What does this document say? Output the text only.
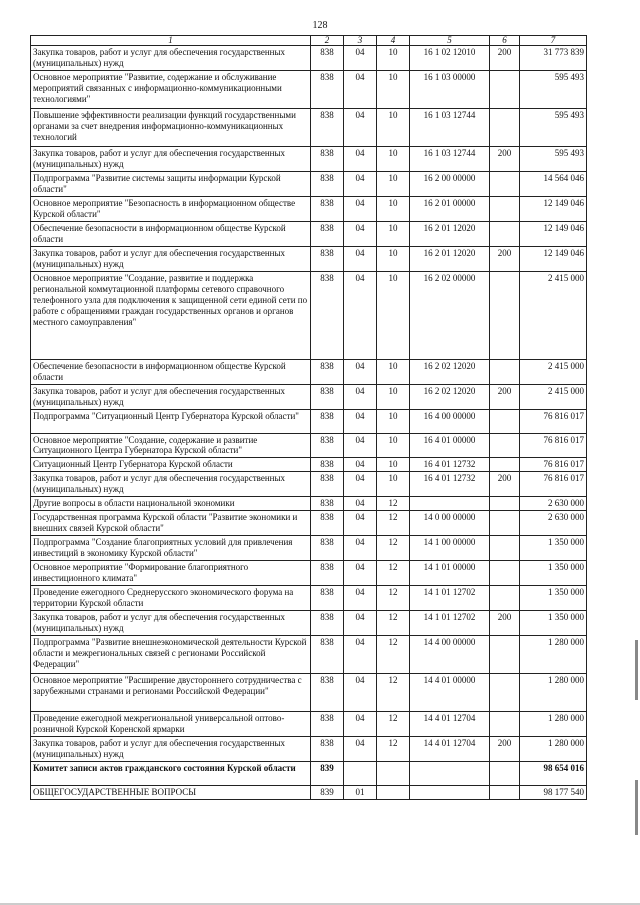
128
1	2	3	4	5	6	7
Закупка товаров, работ и услуг для обеспечения государственных (муниципальных) нужд	838	04	10	16 1 02 12010	200	31 773 839
Основное мероприятие "Развитие, содержание и обслуживание мероприятий связанных с информационно-коммуникационными технологиями"	838	04	10	16 1 03 00000		595 493
Повышение эффективности реализации функций государственными органами за счет внедрения информационно-коммуникационных технологий	838	04	10	16 1 03 12744		595 493
Закупка товаров, работ и услуг для обеспечения государственных (муниципальных) нужд	838	04	10	16 1 03 12744	200	595 493
Подпрограмма "Развитие системы защиты информации Курской области"	838	04	10	16 2 00 00000		14 564 046
Основное мероприятие "Безопасность в информационном обществе Курской области"	838	04	10	16 2 01 00000		12 149 046
Обеспечение безопасности в информационном обществе Курской области	838	04	10	16 2 01 12020		12 149 046
Закупка товаров, работ и услуг для обеспечения государственных (муниципальных) нужд	838	04	10	16 2 01 12020	200	12 149 046
Основное мероприятие "Создание, развитие и поддержка региональной коммутационной платформы сетевого справочного телефонного узла для подключения к защищенной сети единой сети по работе с обращениями граждан государственных органов и органов местного самоуправления"	838	04	10	16 2 02 00000		2 415 000
Обеспечение безопасности в информационном обществе Курской области	838	04	10	16 2 02 12020		2 415 000
Закупка товаров, работ и услуг для обеспечения государственных (муниципальных) нужд	838	04	10	16 2 02 12020	200	2 415 000
Подпрограмма "Ситуационный Центр Губернатора Курской области"	838	04	10	16 4 00 00000		76 816 017
Основное мероприятие "Создание, содержание и развитие Ситуационного Центра Губернатора Курской области"	838	04	10	16 4 01 00000		76 816 017
Ситуационный Центр Губернатора Курской области	838	04	10	16 4 01 12732		76 816 017
Закупка товаров, работ и услуг для обеспечения государственных (муниципальных) нужд	838	04	10	16 4 01 12732	200	76 816 017
Другие вопросы в области национальной экономики	838	04	12			2 630 000
Государственная программа Курской области "Развитие экономики и внешних связей Курской области"	838	04	12	14 0 00 00000		2 630 000
Подпрограмма "Создание благоприятных условий для привлечения инвестиций в экономику Курской области"	838	04	12	14 1 00 00000		1 350 000
Основное мероприятие "Формирование благоприятного инвестиционного климата"	838	04	12	14 1 01 00000		1 350 000
Проведение ежегодного Среднерусского экономического форума на территории Курской области	838	04	12	14 1 01 12702		1 350 000
Закупка товаров, работ и услуг для обеспечения государственных (муниципальных) нужд	838	04	12	14 1 01 12702	200	1 350 000
Подпрограмма "Развитие внешнеэкономической деятельности Курской области и межрегиональных связей с регионами Российской Федерации"	838	04	12	14 4 00 00000		1 280 000
Основное мероприятие "Расширение двустороннего сотрудничества с зарубежными странами и регионами Российской Федерации"	838	04	12	14 4 01 00000		1 280 000
Проведение ежегодной межрегиональной универсальной оптово-розничной Курской Коренской ярмарки	838	04	12	14 4 01 12704		1 280 000
Закупка товаров, работ и услуг для обеспечения государственных (муниципальных) нужд	838	04	12	14 4 01 12704	200	1 280 000
Комитет записи актов гражданского состояния Курской области	839					98 654 016
ОБЩЕГОСУДАРСТВЕННЫЕ ВОПРОСЫ	839	01				98 177 540
